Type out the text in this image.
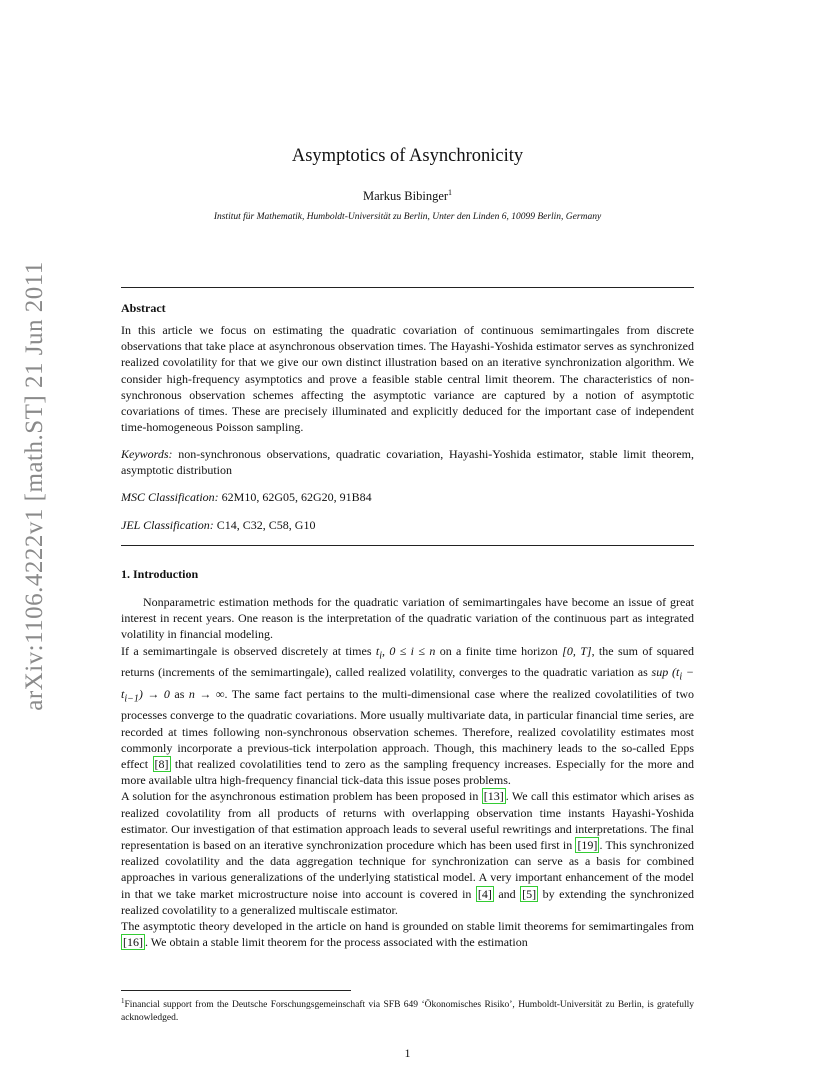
arXiv:1106.4222v1 [math.ST] 21 Jun 2011
Asymptotics of Asynchronicity
Markus Bibinger$^1$
Institut für Mathematik, Humboldt-Universität zu Berlin, Unter den Linden 6, 10099 Berlin, Germany
Abstract
In this article we focus on estimating the quadratic covariation of continuous semimartingales from discrete observations that take place at asynchronous observation times. The Hayashi-Yoshida estimator serves as synchronized realized covolatility for that we give our own distinct illustration based on an iterative synchronization algorithm. We consider high-frequency asymptotics and prove a feasible stable central limit theorem. The characteristics of non-synchronous observation schemes affecting the asymptotic variance are captured by a notion of asymptotic covariations of times. These are precisely illuminated and explicitly deduced for the important case of independent time-homogeneous Poisson sampling.
Keywords: non-synchronous observations, quadratic covariation, Hayashi-Yoshida estimator, stable limit theorem, asymptotic distribution
MSC Classification: 62M10, 62G05, 62G20, 91B84
JEL Classification: C14, C32, C58, G10
1. Introduction

Nonparametric estimation methods for the quadratic variation of semimartingales have become an issue of great interest in recent years. One reason is the interpretation of the quadratic variation of the continuous part as integrated volatility in financial modeling.

If a semimartingale is observed discretely at times $t_i$, 0 ≤ i ≤ n on a finite time horizon [0, T], the sum of squared returns (increments of the semimartingale), called realized volatility, converges to the quadratic variation as sup $(t_i - t_{i-1}) \to 0$ as n → ∞. The same fact pertains to the multi-dimensional case where the realized covolatilities of two processes converge to the quadratic covariations. More usually multivariate data, in particular financial time series, are recorded at times following non-synchronous observation schemes. Therefore, realized covolatility estimates most commonly incorporate a previous-tick interpolation approach. Though, this machinery leads to the so-called Epps effect [8] that realized covolatilities tend to zero as the sampling frequency increases. Especially for the more and more available ultra high-frequency financial tick-data this issue poses problems.

A solution for the asynchronous estimation problem has been proposed in [13] . We call this estimator which arises as realized covolatility from all products of returns with overlapping observation time instants Hayashi-Yoshida estimator. Our investigation of that estimation approach leads to several useful rewritings and interpretations. The final representation is based on an iterative synchronization procedure which has been used first in [19] . This synchronized realized covolatility and the data aggregation technique for synchronization can serve as a basis for combined approaches in various generalizations of the underlying statistical model. A very important enhancement of the model in that we take market microstructure noise into account is covered in [4] and [5] by extending the synchronized realized covolatility to a generalized multiscale estimator.

The asymptotic theory developed in the article on hand is grounded on stable limit theorems for semimartingales from [16] . We obtain a stable limit theorem for the process associated with the estimation

$^1$Financial support from the Deutsche Forschungsgemeinschaft via SFB 649 ‘Ökonomisches Risiko’, Humboldt-Universität zu Berlin, is gratefully acknowledged.
1
